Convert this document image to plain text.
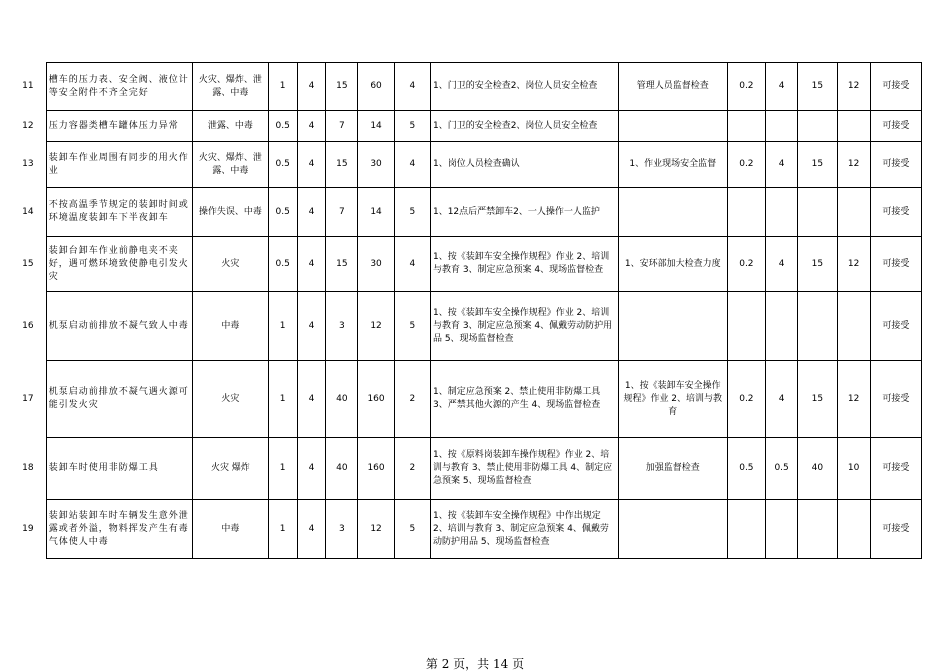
11	槽车的压力表、安全阀、液位计等安全附件不齐全完好	火灾、爆炸、泄露、中毒	1	4	15	60	4	1、门卫的安全检查2、岗位人员安全检查	管理人员监督检查	0.2	4	15	12	可接受
12	压力容器类槽车罐体压力异常	泄露、中毒	0.5	4	7	14	5	1、门卫的安全检查2、岗位人员安全检查						可接受
13	装卸车作业周围有同步的用火作业	火灾、爆炸、泄露、中毒	0.5	4	15	30	4	1、岗位人员检查确认	1、作业现场安全监督	0.2	4	15	12	可接受
14	不按高温季节规定的装卸时间或环境温度装卸车下半夜卸车	操作失误、中毒	0.5	4	7	14	5	1、12点后严禁卸车2、一人操作一人监护						可接受
15	装卸台卸车作业前静电夹不夹好，遇可燃环境致使静电引发火灾	火灾	0.5	4	15	30	4	1、按《装卸车安全操作规程》作业 2、培训与教育 3、制定应急预案 4、现场监督检查	1、安环部加大检查力度	0.2	4	15	12	可接受
16	机泵启动前排放不凝气致人中毒	中毒	1	4	3	12	5	1、按《装卸车安全操作规程》作业 2、培训与教育 3、制定应急预案 4、佩戴劳动防护用品 5、现场监督检查						可接受
17	机泵启动前排放不凝气遇火源可能引发火灾	火灾	1	4	40	160	2	1、制定应急预案 2、禁止使用非防爆工具 3、严禁其他火源的产生 4、现场监督检查	1、按《装卸车安全操作规程》作业 2、培训与教育	0.2	4	15	12	可接受
18	装卸车时使用非防爆工具	火灾 爆炸	1	4	40	160	2	1、按《原料岗装卸车操作规程》作业 2、培训与教育 3、禁止使用非防爆工具 4、制定应急预案 5、现场监督检查	加强监督检查	0.5	0.5	40	10	可接受
19	装卸站装卸车时车辆发生意外泄露或者外溢，物料挥发产生有毒气体使人中毒	中毒	1	4	3	12	5	1、按《装卸车安全操作规程》中作出规定 2、培训与教育 3、制定应急预案 4、佩戴劳动防护用品 5、现场监督检查						可接受
第 2 页，共 14 页
